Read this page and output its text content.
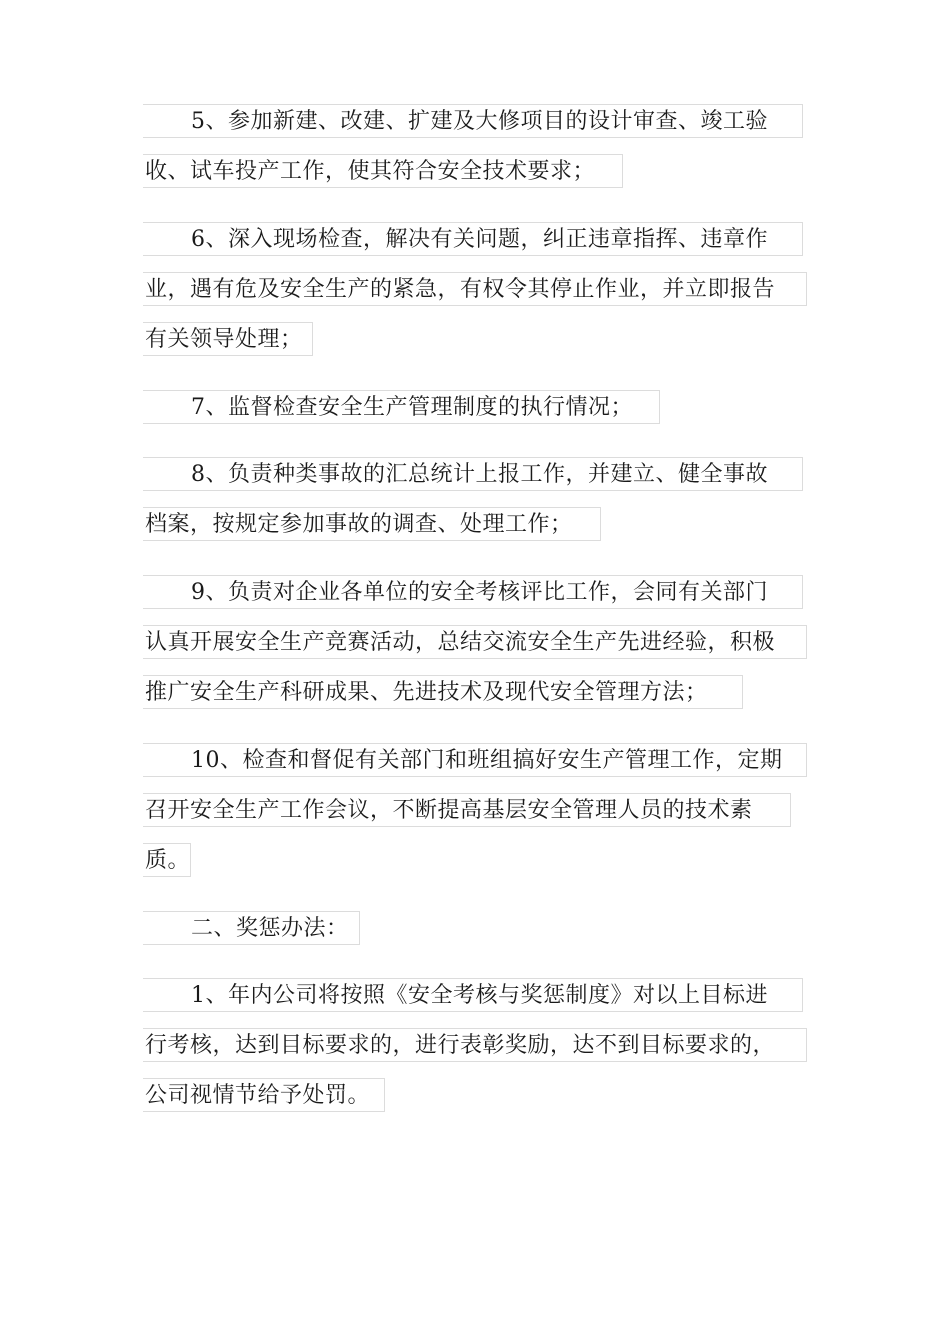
5、参加新建、改建、扩建及大修项目的设计审查、竣工验
收、试车投产工作，使其符合安全技术要求；
6、深入现场检查，解决有关问题，纠正违章指挥、违章作
业，遇有危及安全生产的紧急，有权令其停止作业，并立即报告
有关领导处理；
7、监督检查安全生产管理制度的执行情况；
8、负责种类事故的汇总统计上报工作，并建立、健全事故
档案，按规定参加事故的调查、处理工作；
9、负责对企业各单位的安全考核评比工作，会同有关部门
认真开展安全生产竞赛活动，总结交流安全生产先进经验，积极
推广安全生产科研成果、先进技术及现代安全管理方法；
10、检查和督促有关部门和班组搞好安生产管理工作，定期
召开安全生产工作会议，不断提高基层安全管理人员的技术素
质。
二、奖惩办法：
1、年内公司将按照《安全考核与奖惩制度》对以上目标进
行考核，达到目标要求的，进行表彰奖励，达不到目标要求的，
公司视情节给予处罚。
